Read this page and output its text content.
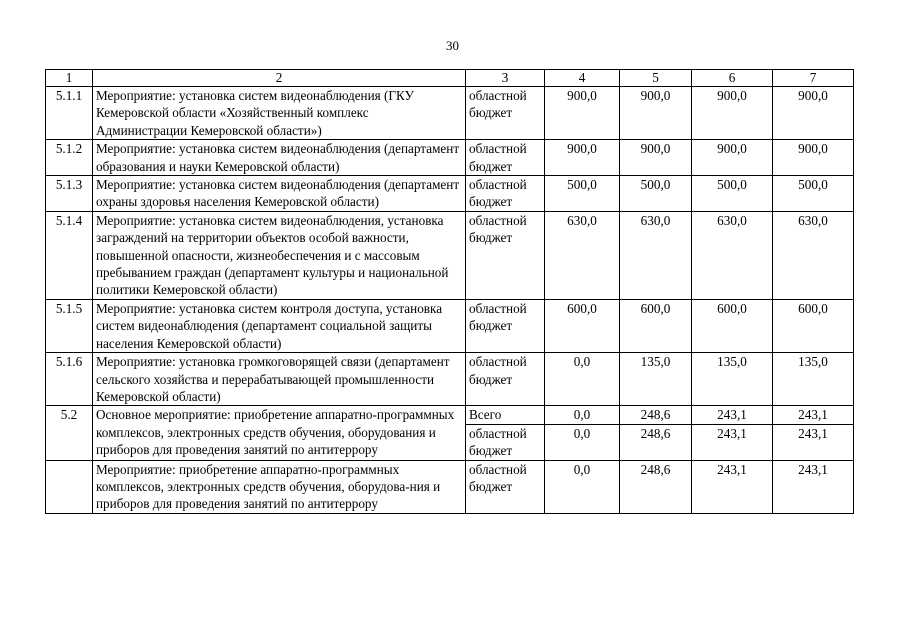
30
1	2	3	4	5	6	7
5.1.1	Мероприятие: установка систем видеонаблюдения (ГКУ Кемеровской области «Хозяйственный комплекс Администрации Кемеровской области»)	областной бюджет	900,0	900,0	900,0	900,0
5.1.2	Мероприятие: установка систем видеонаблюдения (департамент образования и науки Кемеровской области)	областной бюджет	900,0	900,0	900,0	900,0
5.1.3	Мероприятие: установка систем видеонаблюдения (департамент охраны здоровья населения Кемеровской области)	областной бюджет	500,0	500,0	500,0	500,0
5.1.4	Мероприятие: установка систем видеонаблюдения, установка заграждений на территории объектов особой важности, повышенной опасности, жизнеобеспечения и с массовым пребыванием граждан (департамент культуры и национальной политики Кемеровской области)	областной бюджет	630,0	630,0	630,0	630,0
5.1.5	Мероприятие: установка систем контроля доступа, установка систем видеонаблюдения (департамент социальной защиты населения Кемеровской области)	областной бюджет	600,0	600,0	600,0	600,0
5.1.6	Мероприятие: установка громкоговорящей связи (департамент сельского хозяйства и перерабатывающей промышленности Кемеровской области)	областной бюджет	0,0	135,0	135,0	135,0
5.2	Основное мероприятие: приобретение аппаратно-программных комплексов, электронных средств обучения, оборудования и приборов для проведения занятий по антитеррору	Всего	0,0	248,6	243,1	243,1
		областной бюджет	0,0	248,6	243,1	243,1
	Мероприятие: приобретение аппаратно-программных комплексов, электронных средств обучения, оборудова-ния и приборов для проведения занятий по антитеррору	областной бюджет	0,0	248,6	243,1	243,1
